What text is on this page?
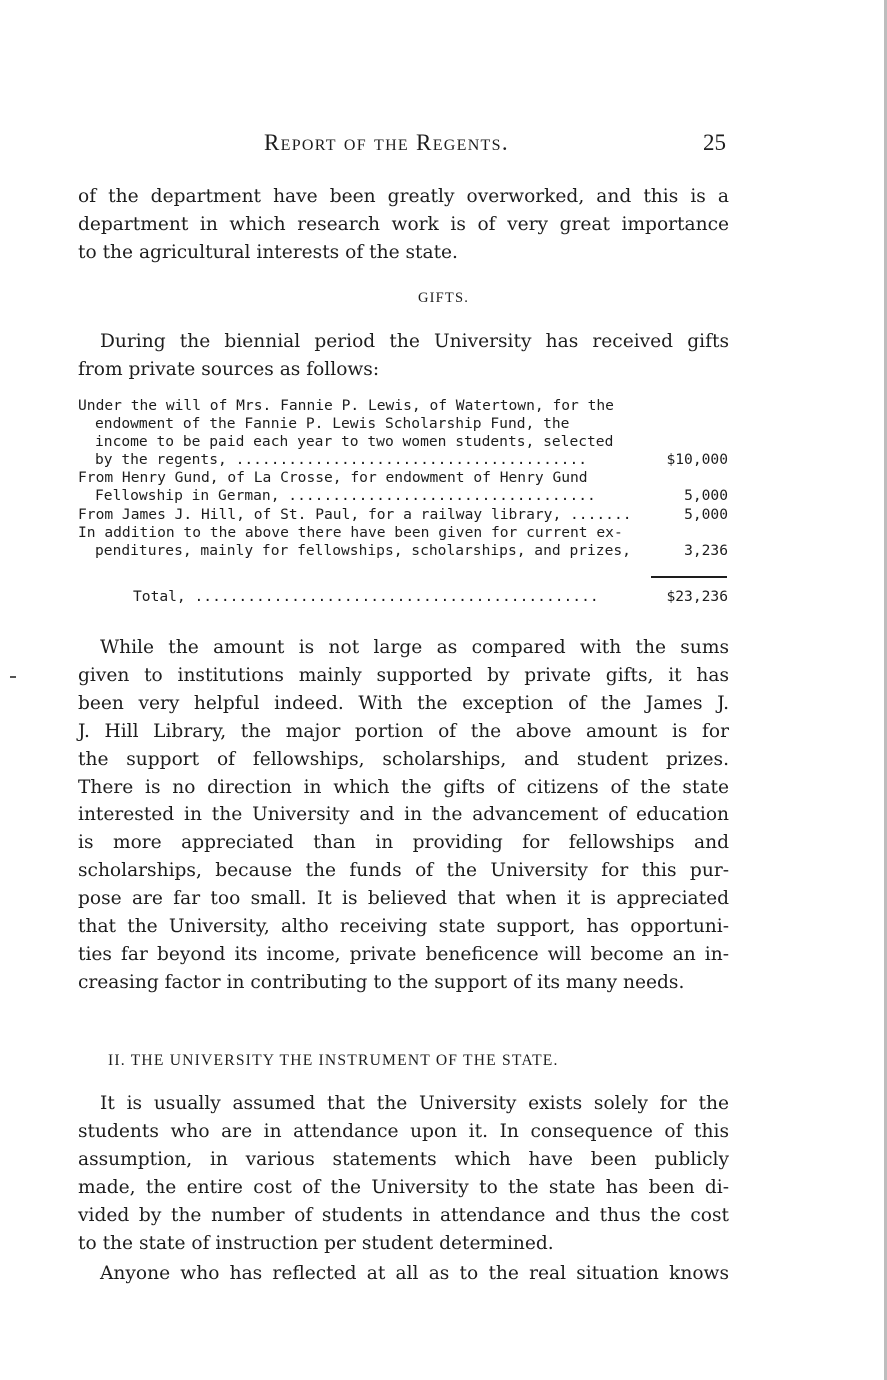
Report of the Regents.	25

of the department have been greatly overworked, and this is a
department in which research work is of very great importance
to the agricultural interests of the state.

GIFTS.

During the biennial period the University has received gifts
from private sources as follows:

Under the will of Mrs. Fannie P. Lewis, of Watertown, for the
endowment of the Fannie P. Lewis Scholarship Fund, the
income to be paid each year to two women students, selected
by the regents, ........................................	$10,000
From Henry Gund, of La Crosse, for endowment of Henry Gund
Fellowship in German, ...................................	5,000
From James J. Hill, of St. Paul, for a railway library, .......	5,000
In addition to the above there have been given for current ex-
penditures, mainly for fellowships, scholarships, and prizes,	3,236
Total, ..............................................	$23,236

While the amount is not large as compared with the sums
given to institutions mainly supported by private gifts, it has
been very helpful indeed. With the exception of the James J.
J. Hill Library, the major portion of the above amount is for
the support of fellowships, scholarships, and student prizes.
There is no direction in which the gifts of citizens of the state
interested in the University and in the advancement of education
is more appreciated than in providing for fellowships and
scholarships, because the funds of the University for this pur-
pose are far too small. It is believed that when it is appreciated
that the University, altho receiving state support, has opportuni-
ties far beyond its income, private beneficence will become an in-
creasing factor in contributing to the support of its many needs.

II. THE UNIVERSITY THE INSTRUMENT OF THE STATE.

It is usually assumed that the University exists solely for the
students who are in attendance upon it. In consequence of this
assumption, in various statements which have been publicly
made, the entire cost of the University to the state has been di-
vided by the number of students in attendance and thus the cost
to the state of instruction per student determined.

Anyone who has reflected at all as to the real situation knows
